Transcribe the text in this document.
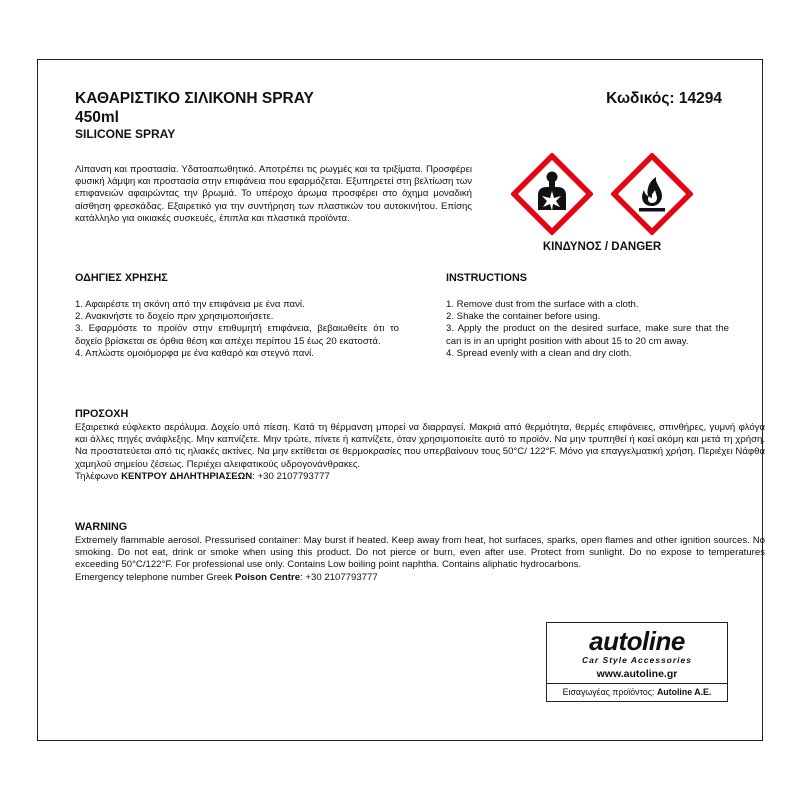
ΚΑΘΑΡΙΣΤΙΚΟ ΣΙΛΙΚΟΝΗ SPRAY
450ml
SILICONE SPRAY
Κωδικός: 14294

Λίπανση και προστασία. Υδατοαπωθητικό. Αποτρέπει τις ρωγμές και τα τριξίματα. Προσφέρει φυσική λάμψη και προστασία στην επιφάνεια που εφαρμόζεται. Εξυπηρετεί στη βελτίωση των επιφανειών αφαιρώντας την βρωμιά. Το υπέροχο άρωμα προσφέρει στο όχημα μοναδική αίσθηση φρεσκάδας. Εξαιρετικό για την συντήρηση των πλαστικών του αυτοκινήτου. Επίσης κατάλληλο για οικιακές συσκευές, έπιπλα και πλαστικά προϊόντα.

ΚΙΝΔΥΝΟΣ / DANGER
ΟΔΗΓΙΕΣ ΧΡΗΣΗΣ
1. Αφαιρέστε τη σκόνη από την επιφάνεια με ένα πανί.
2. Ανακινήστε το δοχείο πριν χρησιμοποιήσετε.
3. Εφαρμόστε το προϊόν στην επιθυμητή επιφάνεια, βεβαιωθείτε ότι το δοχείο βρίσκεται σε όρθια θέση και απέχει περίπου 15 έως 20 εκατοστά.
4. Απλώστε ομοιόμορφα με ένα καθαρό και στεγνό πανί.
INSTRUCTIONS
1. Remove dust from the surface with a cloth.
2. Shake the container before using.
3. Apply the product on the desired surface, make sure that the can is in an upright position with about 15 to 20 cm away.
4. Spread evenly with a clean and dry cloth.
ΠΡΟΣΟΧΗ

Εξαιρετικά εύφλεκτο αερόλυμα. Δοχείο υπό πίεση. Κατά τη θέρμανση μπορεί να διαρραγεί. Μακριά από θερμότητα, θερμές επιφάνειες, σπινθήρες, γυμνή φλόγα και άλλες πηγές ανάφλεξης. Μην καπνίζετε. Μην τρώτε, πίνετε ή καπνίζετε, όταν χρησιμοποιείτε αυτό το προϊόν. Να μην τρυπηθεί ή καεί ακόμη και μετά τη χρήση. Να προστατεύεται από τις ηλιακές ακτίνες. Να μην εκτίθεται σε θερμοκρασίες που υπερβαίνουν τους 50°C/ 122°F. Μόνο για επαγγελματική χρήση. Περιέχει Νάφθα χαμηλού σημείου ζέσεως. Περιέχει αλειφατικούς υδρογονάνθρακες.
Τηλέφωνο ΚΕΝΤΡΟΥ ΔΗΛΗΤΗΡΙΑΣΕΩΝ: +30 2107793777

WARNING

Extremely flammable aerosol. Pressurised container: May burst if heated. Keep away from heat, hot surfaces, sparks, open flames and other ignition sources. No smoking. Do not eat, drink or smoke when using this product. Do not pierce or burn, even after use. Protect from sunlight. Do no expose to temperatures exceeding 50°C/122°F. For professional use only. Contains Low boiling point naphtha. Contains aliphatic hydrocarbons.
Emergency telephone number Greek Poison Centre: +30 2107793777

autoline
Car Style Accessories
www.autoline.gr
Εισαγωγέας προϊόντος: Autoline A.E.
